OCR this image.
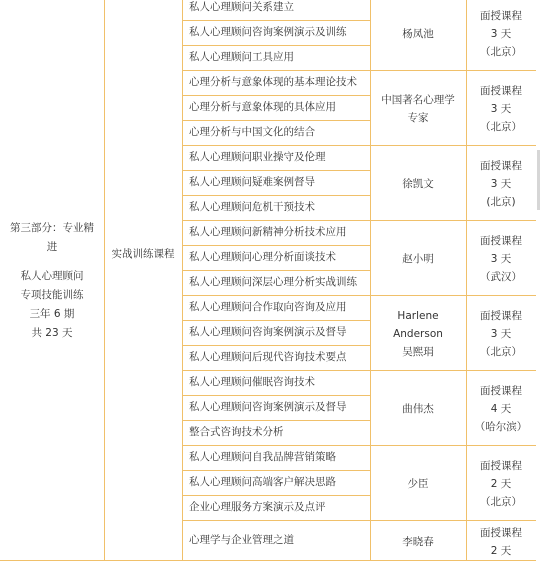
第三部分：专业精
进
私人心理顾问
专项技能训练
三年 6 期
共 23 天
实战训练课程
私人心理顾问关系建立
私人心理顾问咨询案例演示及训练
私人心理顾问工具应用
杨凤池
面授课程
3 天
（北京）
心理分析与意象体现的基本理论技术
心理分析与意象体现的具体应用
心理分析与中国文化的结合
中国著名心理学
专家
面授课程
3 天
（北京）
私人心理顾问职业操守及伦理
私人心理顾问疑难案例督导
私人心理顾问危机干预技术
徐凯文
面授课程
3 天
(北京)
私人心理顾问新精神分析技术应用
私人心理顾问心理分析面谈技术
私人心理顾问深层心理分析实战训练
赵小明
面授课程
3 天
（武汉）
私人心理顾问合作取向咨询及应用
私人心理顾问咨询案例演示及督导
私人心理顾问后现代咨询技术要点
Harlene
Anderson
吴熙琄
面授课程
3 天
（北京）
私人心理顾问催眠咨询技术
私人心理顾问咨询案例演示及督导
整合式咨询技术分析
曲伟杰
面授课程
4 天
（哈尔滨）
私人心理顾问自我品牌营销策略
私人心理顾问高端客户解决思路
企业心理服务方案演示及点评
少臣
面授课程
2 天
（北京）
心理学与企业管理之道	李晓春
面授课程
2 天
